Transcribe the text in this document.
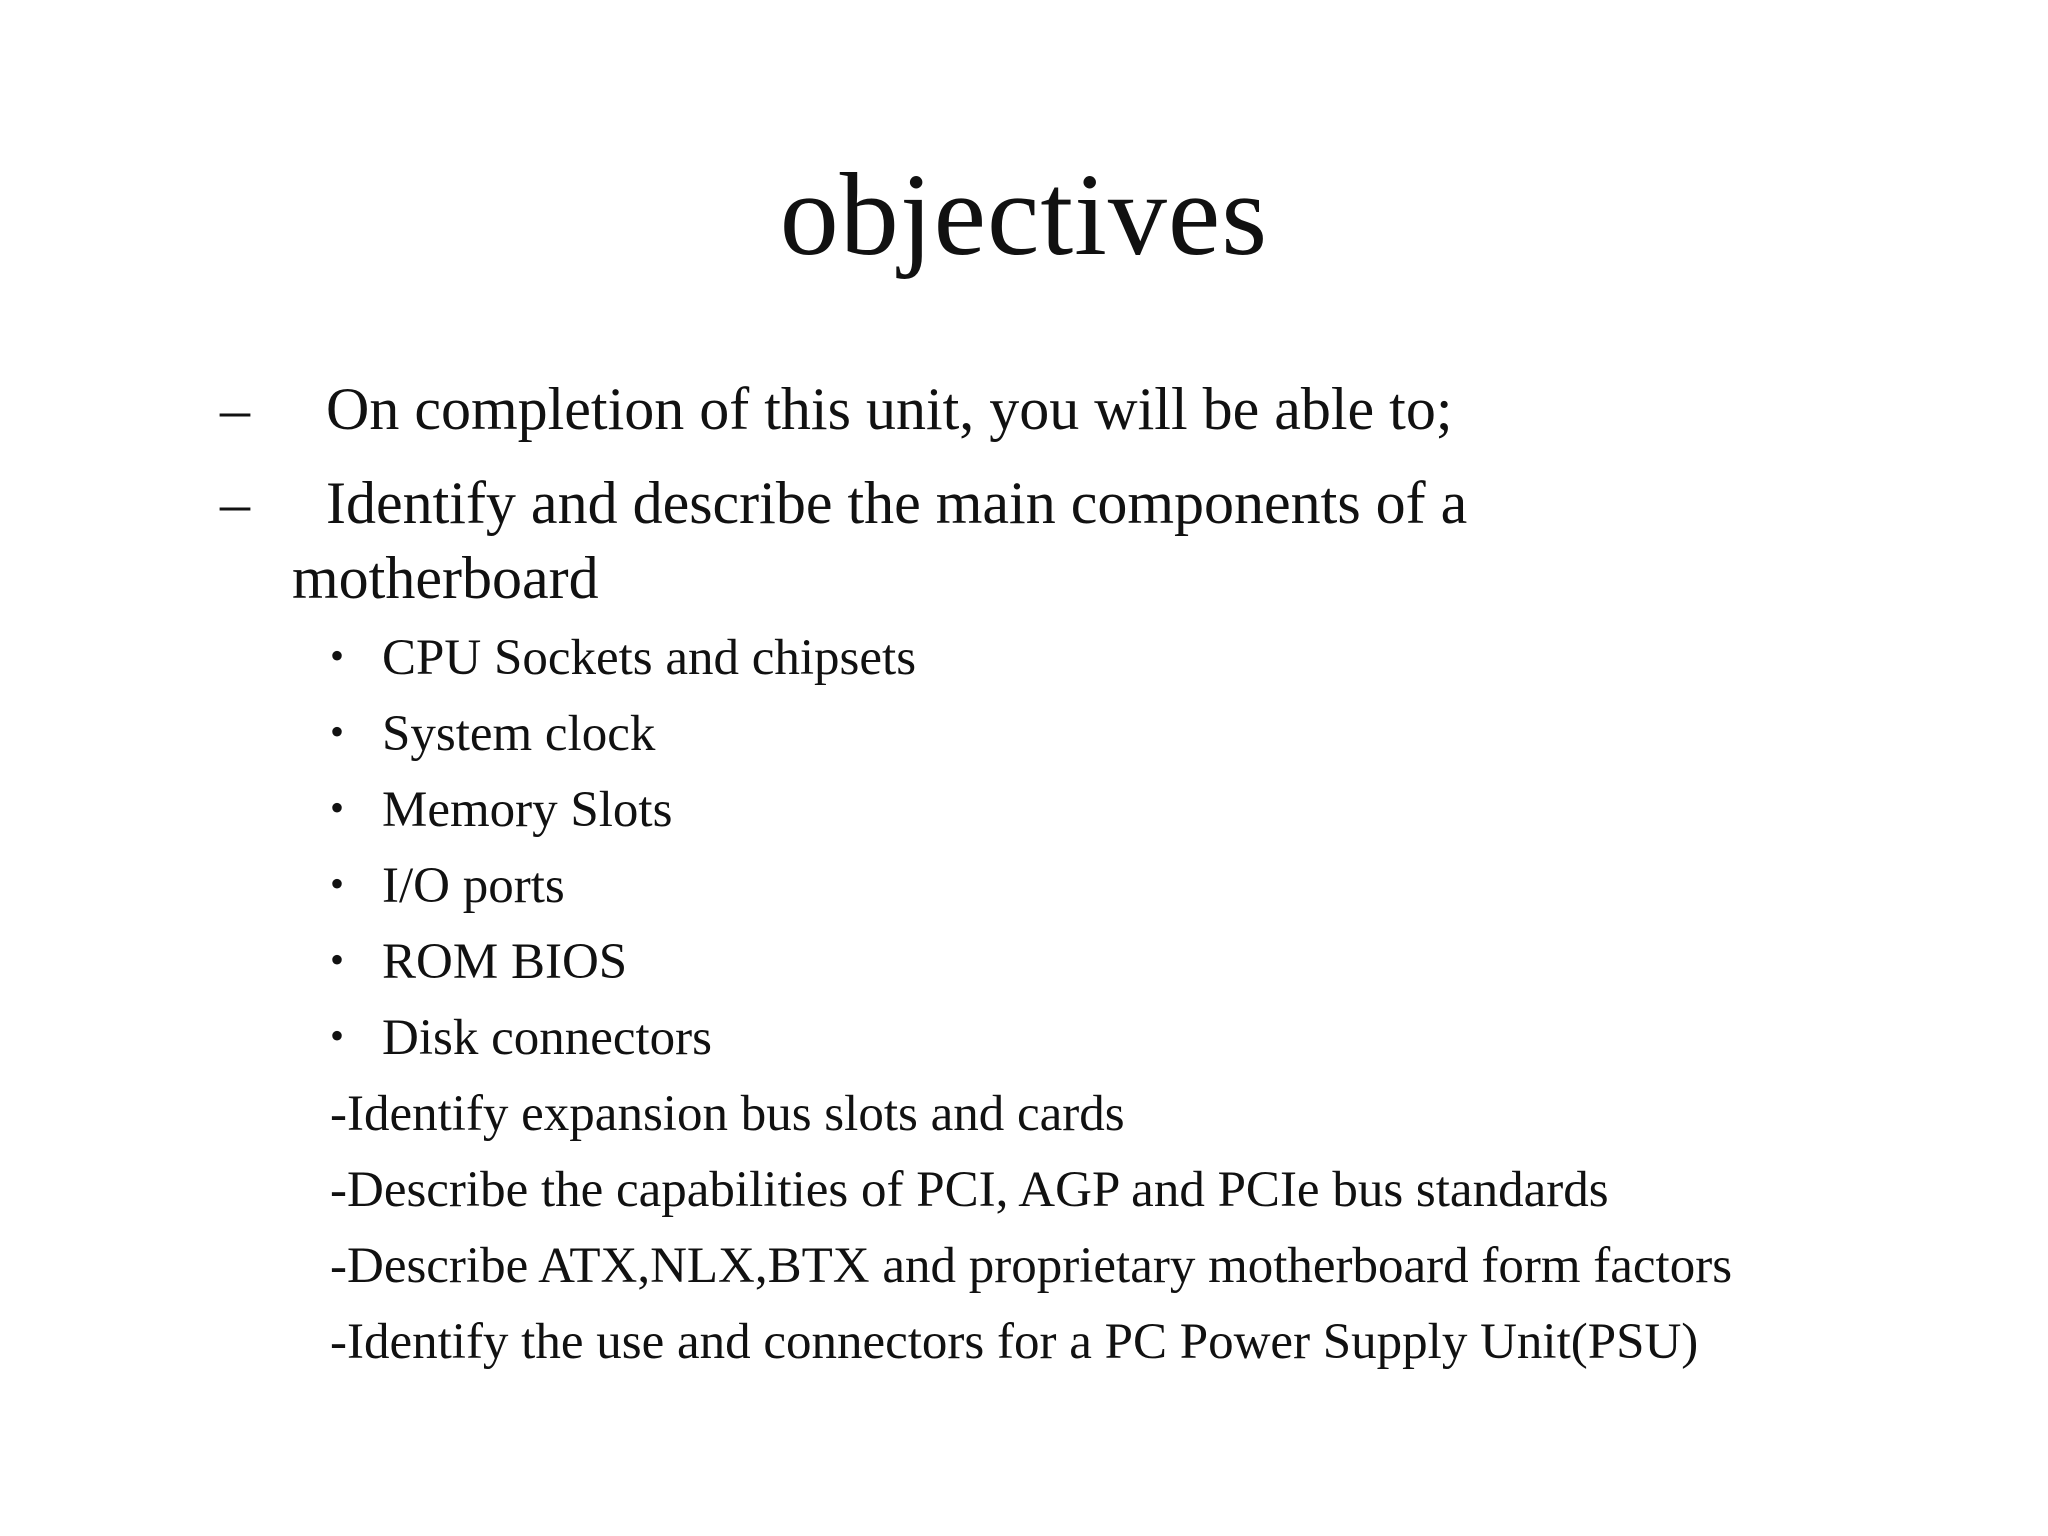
objectives
– On completion of this unit, you will be able to;
– Identify and describe the main components of a
motherboard
• CPU Sockets and chipsets
• System clock
• Memory Slots
• I/O ports
• ROM BIOS
• Disk connectors
-Identify expansion bus slots and cards
-Describe the capabilities of PCI, AGP and PCIe bus standards
-Describe ATX,NLX,BTX and proprietary motherboard form factors
-Identify the use and connectors for a PC Power Supply Unit(PSU)
